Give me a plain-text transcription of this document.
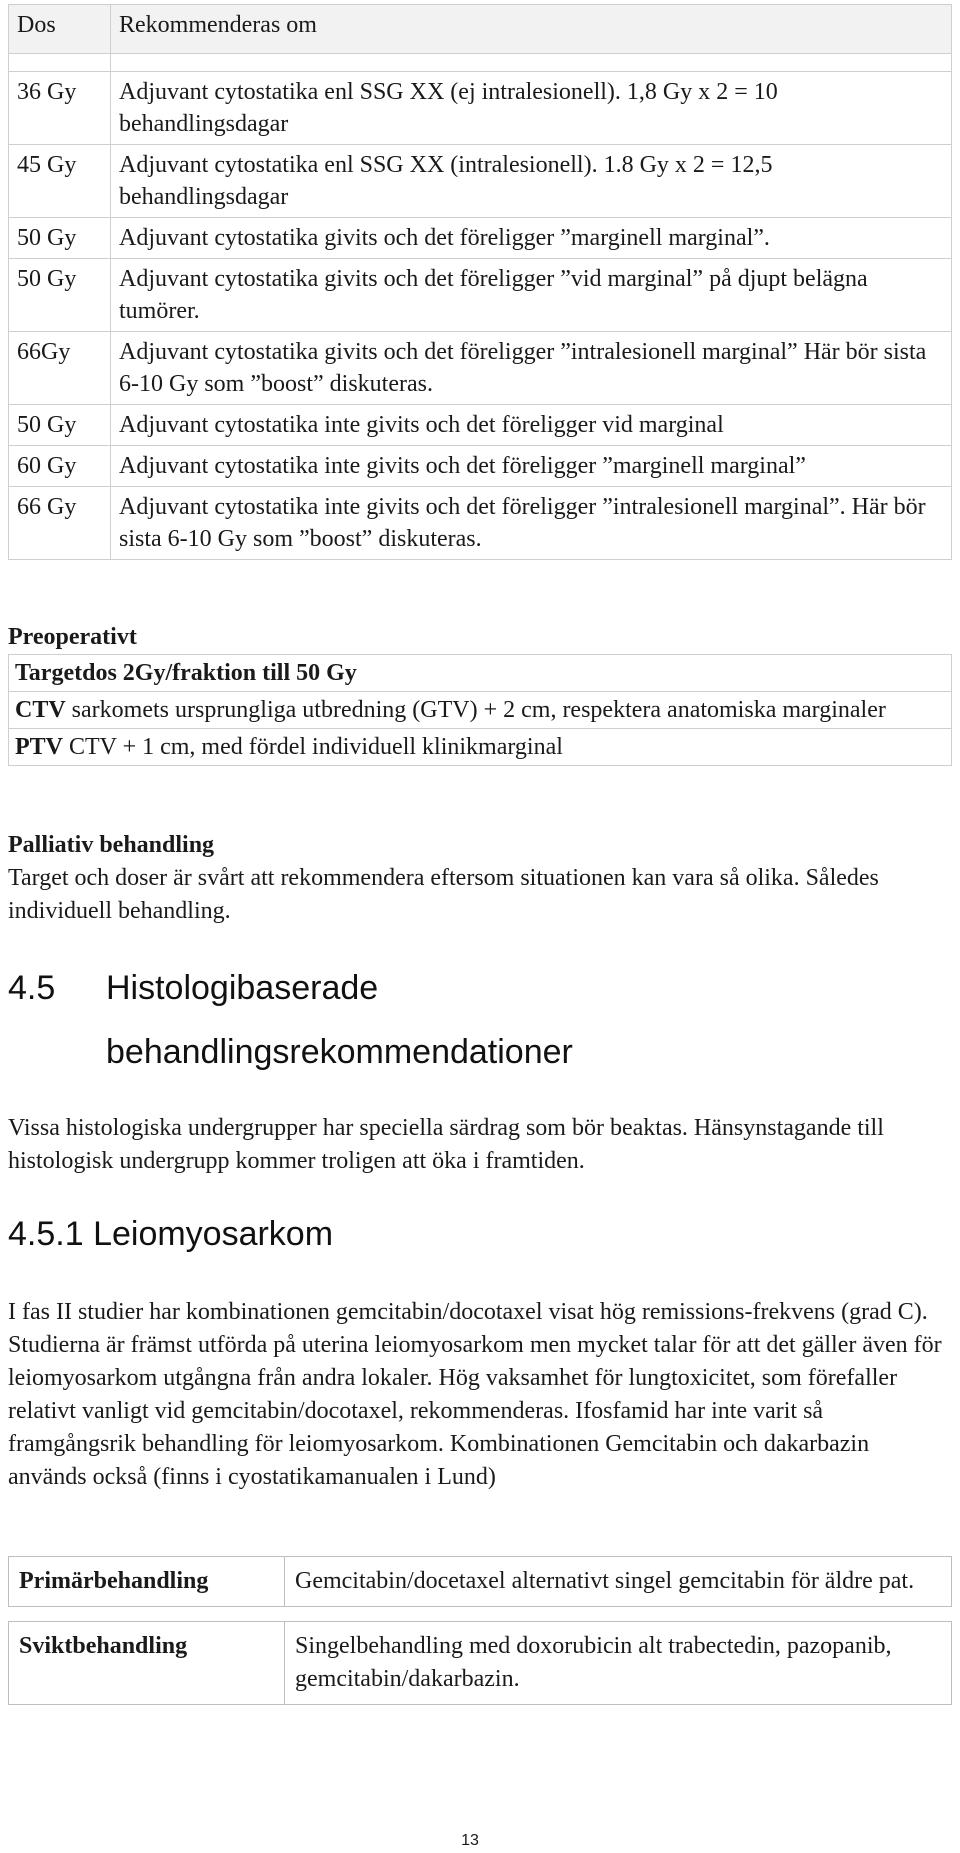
Dos	Rekommenderas om

36 Gy	Adjuvant cytostatika enl SSG XX (ej intralesionell). 1,8 Gy x 2 = 10 behandlingsdagar
45 Gy	Adjuvant cytostatika enl SSG XX (intralesionell). 1.8 Gy x 2 = 12,5 behandlingsdagar
50 Gy	Adjuvant cytostatika givits och det föreligger ”marginell marginal”.
50 Gy	Adjuvant cytostatika givits och det föreligger ”vid marginal” på djupt belägna tumörer.
66Gy	Adjuvant cytostatika givits och det föreligger ”intralesionell marginal” Här bör sista 6-10 Gy som ”boost” diskuteras.
50 Gy	Adjuvant cytostatika inte givits och det föreligger vid marginal
60 Gy	Adjuvant cytostatika inte givits och det föreligger ”marginell marginal”
66 Gy	Adjuvant cytostatika inte givits och det föreligger ”intralesionell marginal”. Här bör sista 6-10 Gy som ”boost” diskuteras.
Preoperativt
Targetdos 2Gy/fraktion till 50 Gy
CTV sarkomets ursprungliga utbredning (GTV) + 2 cm, respektera anatomiska marginaler
PTV CTV + 1 cm, med fördel individuell klinikmarginal
Palliativ behandling

Target och doser är svårt att rekommendera eftersom situationen kan vara så olika. Således individuell behandling.

4.5 Histologibaserade
behandlingsrekommendationer

Vissa histologiska undergrupper har speciella särdrag som bör beaktas. Hänsynstagande till histologisk undergrupp kommer troligen att öka i framtiden.

4.5.1 Leiomyosarkom

I fas II studier har kombinationen gemcitabin/docotaxel visat hög remissions-frekvens (grad C). Studierna är främst utförda på uterina leiomyosarkom men mycket talar för att det gäller även för leiomyosarkom utgångna från andra lokaler. Hög vaksamhet för lungtoxicitet, som förefaller relativt vanligt vid gemcitabin/docotaxel, rekommenderas. Ifosfamid har inte varit så framgångsrik behandling för leiomyosarkom. Kombinationen Gemcitabin och dakarbazin används också (finns i cyostatikamanualen i Lund)

Primärbehandling	Gemcitabin/docetaxel alternativt singel gemcitabin för äldre pat.

Sviktbehandling	Singelbehandling med doxorubicin alt trabectedin, pazopanib, gemcitabin/dakarbazin.
13
